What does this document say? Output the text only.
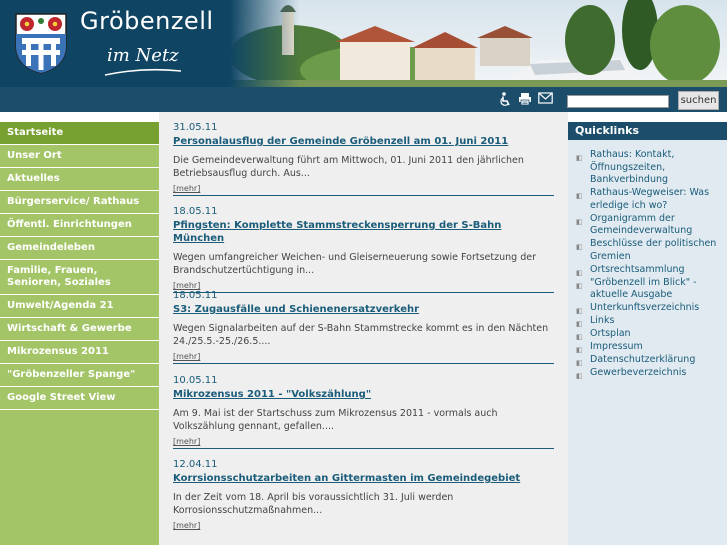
Gröbenzell
im Netz
suchen
Startseite
Unser Ort
Aktuelles
Bürgerservice/ Rathaus
Öffentl. Einrichtungen
Gemeindeleben
Familie, Frauen, Senioren, Soziales
Umwelt/Agenda 21
Wirtschaft & Gewerbe
Mikrozensus 2011
"Gröbenzeller Spange"
Google Street View
31.05.11
Personalausflug der Gemeinde Gröbenzell am 01. Juni 2011
Die Gemeindeverwaltung führt am Mittwoch, 01. Juni 2011 den jährlichen Betriebsausflug durch. Aus...
[mehr]
18.05.11
Pfingsten: Komplette Stammstreckensperrung der S-Bahn München
Wegen umfangreicher Weichen- und Gleiserneuerung sowie Fortsetzung der Brandschutzertüchtigung in...
[mehr]
18.05.11
S3: Zugausfälle und Schienenersatzverkehr
Wegen Signalarbeiten auf der S-Bahn Stammstrecke kommt es in den Nächten 24./25.5.-25./26.5....
[mehr]
10.05.11
Mikrozensus 2011 - "Volkszählung"
Am 9. Mai ist der Startschuss zum Mikrozensus 2011 - vormals auch Volkszählung gennant, gefallen....
[mehr]
12.04.11
Korrsionsschutzarbeiten an Gittermasten im Gemeindegebiet
In der Zeit vom 18. April bis voraussichtlich 31. Juli werden Korrosionsschutzmaßnahmen...
[mehr]
Quicklinks
◧ Rathaus: Kontakt, Öffnungszeiten, Bankverbindung
◧ Rathaus-Wegweiser: Was erledige ich wo?
◧ Organigramm der Gemeindeverwaltung
◧ Beschlüsse der politischen Gremien
◧ Ortsrechtsammlung
◧ "Gröbenzell im Blick" - aktuelle Ausgabe
◧ Unterkunftsverzeichnis
◧ Links
◧ Ortsplan
◧ Impressum
◧ Datenschutzerklärung
◧ Gewerbeverzeichnis
